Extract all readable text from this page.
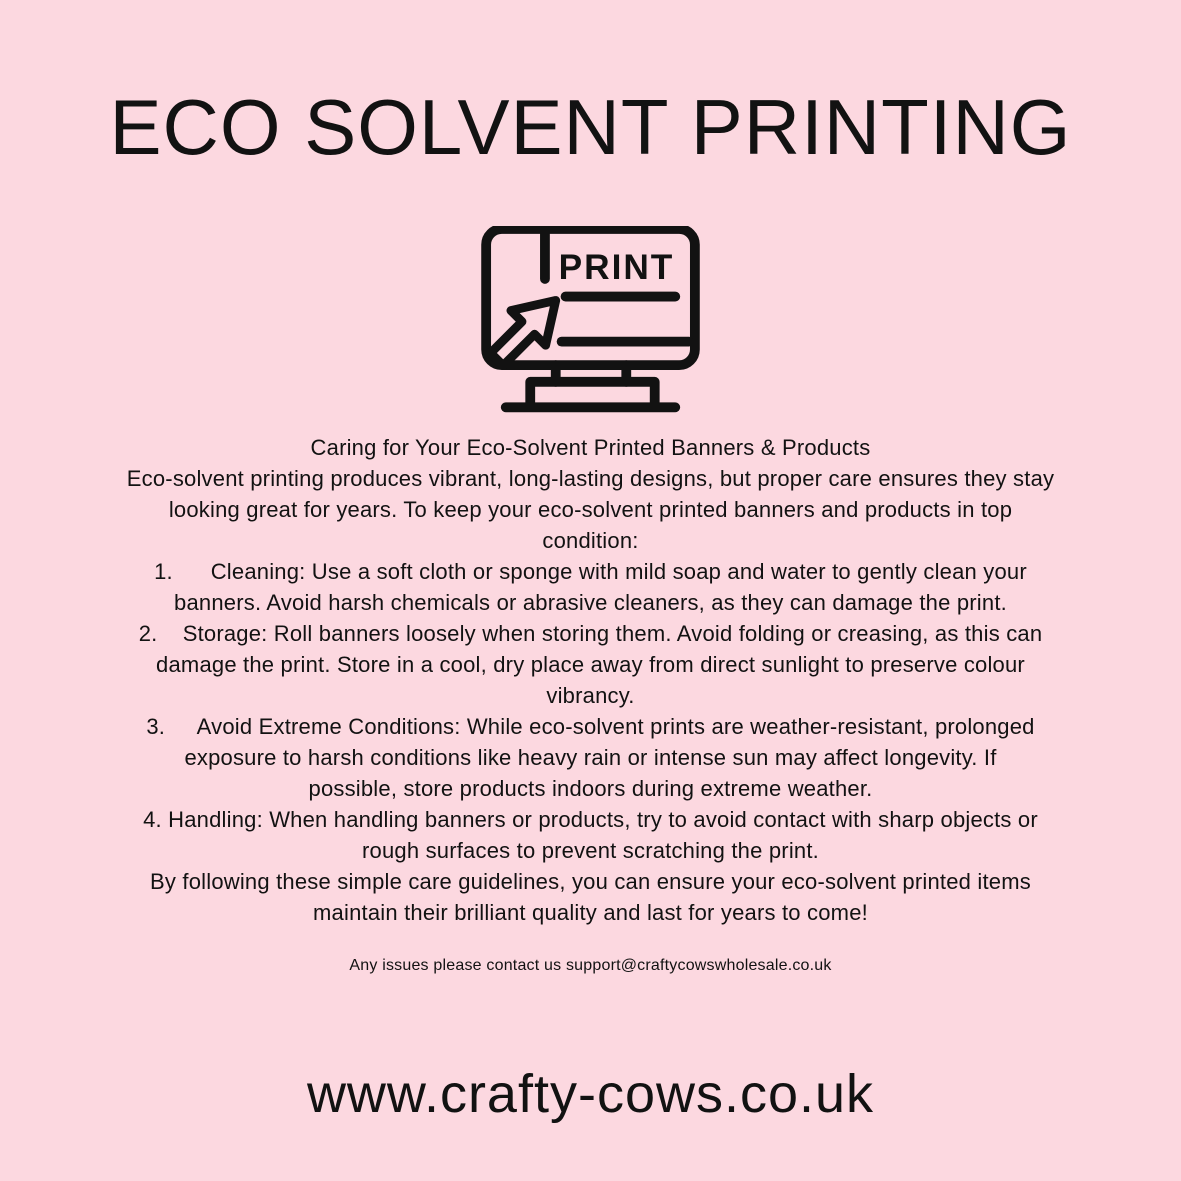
ECO SOLVENT PRINTING
PRINT
Caring for Your Eco-Solvent Printed Banners & Products
Eco-solvent printing produces vibrant, long-lasting designs, but proper care ensures they stay
looking great for years. To keep your eco-solvent printed banners and products in top
condition:
1.      Cleaning: Use a soft cloth or sponge with mild soap and water to gently clean your
banners. Avoid harsh chemicals or abrasive cleaners, as they can damage the print.
2.    Storage: Roll banners loosely when storing them. Avoid folding or creasing, as this can
damage the print. Store in a cool, dry place away from direct sunlight to preserve colour
vibrancy.
3.     Avoid Extreme Conditions: While eco-solvent prints are weather-resistant, prolonged
exposure to harsh conditions like heavy rain or intense sun may affect longevity. If
possible, store products indoors during extreme weather.
4. Handling: When handling banners or products, try to avoid contact with sharp objects or
rough surfaces to prevent scratching the print.
By following these simple care guidelines, you can ensure your eco-solvent printed items
maintain their brilliant quality and last for years to come!
Any issues please contact us support@craftycowswholesale.co.uk
www.crafty-cows.co.uk
